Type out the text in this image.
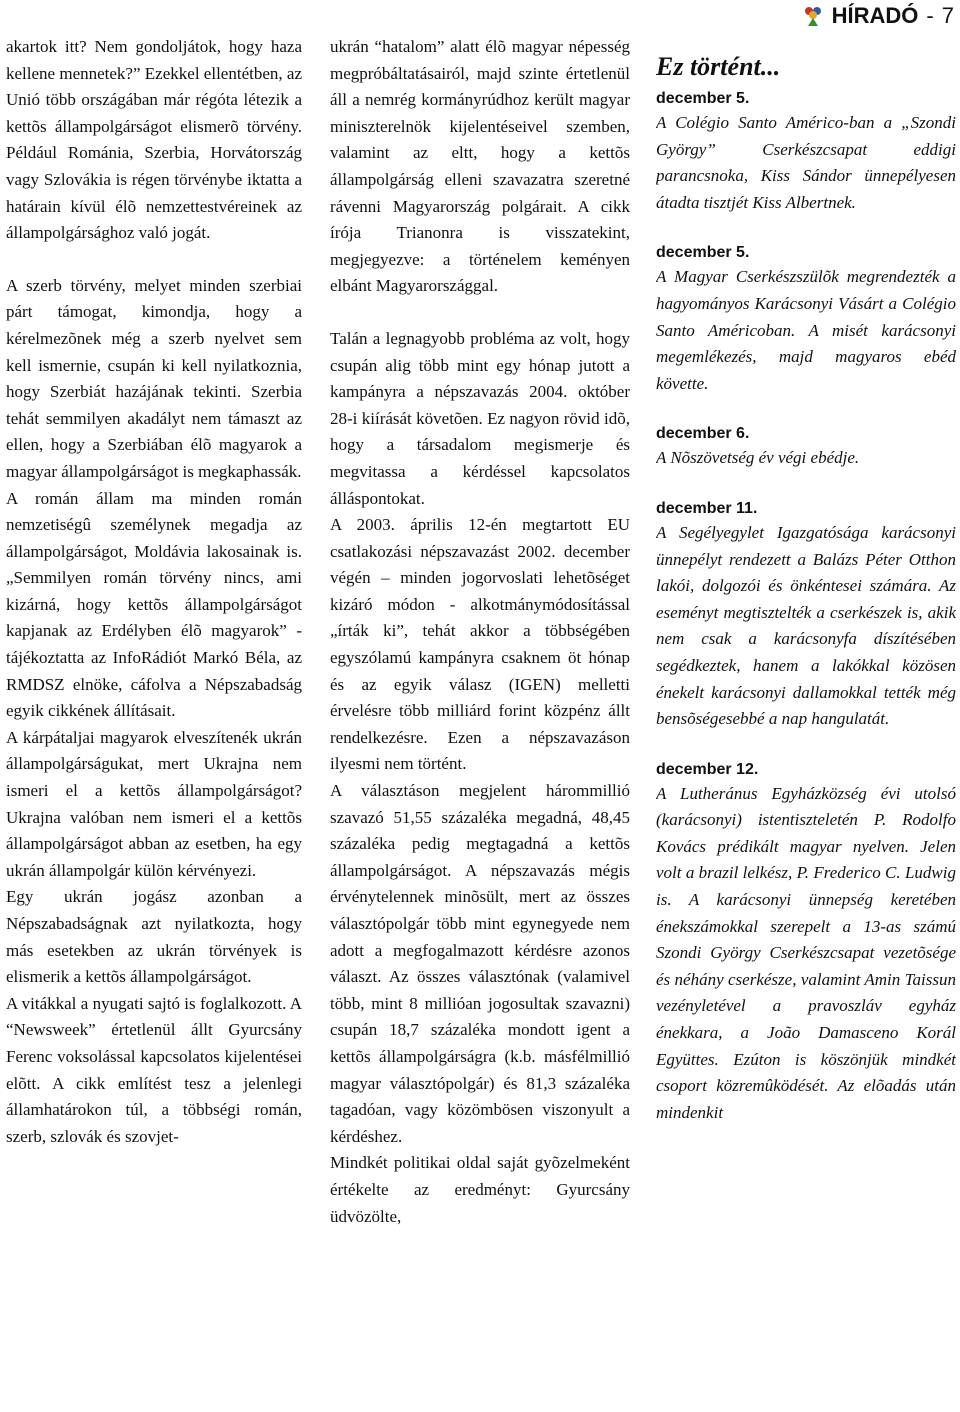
HÍRADÓ - 7

akartok itt? Nem gondoljátok, hogy haza kellene mennetek?” Ezekkel ellentétben, az Unió több országában már régóta létezik a kettõs állampolgárságot elismerõ törvény. Például Románia, Szerbia, Horvátország vagy Szlovákia is régen törvénybe iktatta a határain kívül élõ nemzettestvéreinek az állampolgársághoz való jogát.

A szerb törvény, melyet minden szerbiai párt támogat, kimondja, hogy a kérelmezõnek még a szerb nyelvet sem kell ismernie, csupán ki kell nyilatkoznia, hogy Szerbiát hazájának tekinti. Szerbia tehát semmilyen akadályt nem támaszt az ellen, hogy a Szerbiában élõ magyarok a magyar állampolgárságot is megkaphassák.

A román állam ma minden román nemzetiségû személynek megadja az állampolgárságot, Moldávia lakosainak is. „Semmilyen román törvény nincs, ami kizárná, hogy kettõs állampolgárságot kapjanak az Erdélyben élõ magyarok” - tájékoztatta az InfoRádiót Markó Béla, az RMDSZ elnöke, cáfolva a Népszabadság egyik cikkének állításait.

A kárpátaljai magyarok elveszítenék ukrán állampolgárságukat, mert Ukrajna nem ismeri el a kettõs állampolgárságot? Ukrajna valóban nem ismeri el a kettõs állampolgárságot abban az esetben, ha egy ukrán állampolgár külön kérvényezi.

Egy ukrán jogász azonban a Népszabadságnak azt nyilatkozta, hogy más esetekben az ukrán törvények is elismerik a kettõs állampolgárságot.

A vitákkal a nyugati sajtó is foglalkozott. A “Newsweek” értetlenül állt Gyurcsány Ferenc voksolással kapcsolatos kijelentései elõtt. A cikk említést tesz a jelenlegi államhatárokon túl, a többségi román, szerb, szlovák és szovjet-

ukrán “hatalom” alatt élõ magyar népesség megpróbáltatásairól, majd szinte értetlenül áll a nemrég kormányrúdhoz került magyar miniszterelnök kijelentéseivel szemben, valamint az eltt, hogy a kettõs állampolgárság elleni szavazatra szeretné rávenni Magyarország polgárait. A cikk írója Trianonra is visszatekint, megjegyezve: a történelem keményen elbánt Magyarországgal.

Talán a legnagyobb probléma az volt, hogy csupán alig több mint egy hónap jutott a kampányra a népszavazás 2004. október 28-i kiírását követõen. Ez nagyon rövid idõ, hogy a társadalom megismerje és megvitassa a kérdéssel kapcsolatos álláspontokat.

A 2003. április 12-én megtartott EU csatlakozási népszavazást 2002. december végén – minden jogorvoslati lehetõséget kizáró módon - alkotmánymódosítással „írták ki”, tehát akkor a többségében egyszólamú kampányra csaknem öt hónap és az egyik válasz (IGEN) melletti érvelésre több milliárd forint közpénz állt rendelkezésre. Ezen a népszavazáson ilyesmi nem történt.

A választáson megjelent hárommillió szavazó 51,55 százaléka megadná, 48,45 százaléka pedig megtagadná a kettõs állampolgárságot. A népszavazás mégis érvénytelennek minõsült, mert az összes választópolgár több mint egynegyede nem adott a megfogalmazott kérdésre azonos választ. Az összes választónak (valamivel több, mint 8 millióan jogosultak szavazni) csupán 18,7 százaléka mondott igent a kettõs állampolgárságra (k.b. másfélmillió magyar választópolgár) és 81,3 százaléka tagadóan, vagy közömbösen viszonyult a kérdéshez.

Mindkét politikai oldal saját gyõzelmeként értékelte az eredményt: Gyurcsány üdvözölte,

Ez történt...

december 5.

A Colégio Santo Américo-ban a „Szondi György” Cserkészcsapat eddigi parancsnoka, Kiss Sándor ünnepélyesen átadta tisztjét Kiss Albertnek.

december 5.

A Magyar Cserkészszülõk megrendezték a hagyományos Karácsonyi Vásárt a Colégio Santo Américoban. A misét karácsonyi megemlékezés, majd magyaros ebéd követte.

december 6.

A Nõszövetség év végi ebédje.

december 11.

A Segélyegylet Igazgatósága karácsonyi ünnepélyt rendezett a Balázs Péter Otthon lakói, dolgozói és önkéntesei számára. Az eseményt megtisztelték a cserkészek is, akik nem csak a karácsonyfa díszítésében segédkeztek, hanem a lakókkal közösen énekelt karácsonyi dallamokkal tették még bensõségesebbé a nap hangulatát.

december 12.

A Lutheránus Egyházközség évi utolsó (karácsonyi) istentiszteletén P. Rodolfo Kovács prédikált magyar nyelven. Jelen volt a brazil lelkész, P. Frederico C. Ludwig is. A karácsonyi ünnepség keretében énekszámokkal szerepelt a 13-as számú Szondi György Cserkészcsapat vezetõsége és néhány cserkésze, valamint Amin Taissun vezényletével a pravoszláv egyház énekkara, a João Damasceno Korál Együttes. Ezúton is köszönjük mindkét csoport közremûködését. Az elõadás után mindenkit
